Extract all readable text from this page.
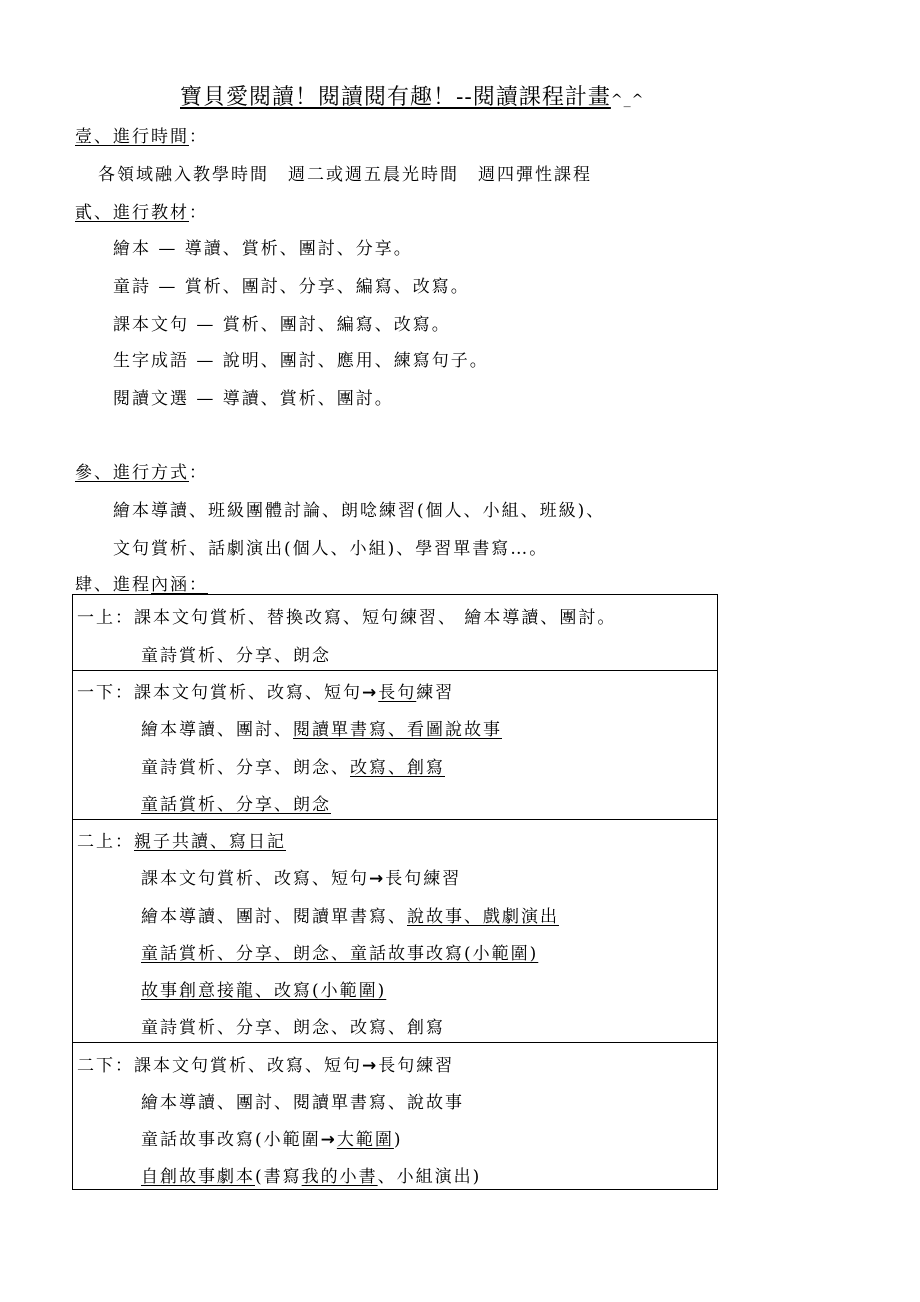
寶貝愛閱讀！閱讀閱有趣！--閱讀課程計畫^_^
壹、進行時間：
各領域融入教學時間　週二或週五晨光時間　週四彈性課程
貳、進行教材：
繪本 — 導讀、賞析、團討、分享。
童詩 — 賞析、團討、分享、編寫、改寫。
課本文句 — 賞析、團討、編寫、改寫。
生字成語 — 說明、團討、應用、練寫句子。
閱讀文選 — 導讀、賞析、團討。
參、進行方式：
繪本導讀、班級團體討論、朗唸練習(個人、小組、班級)、
文句賞析、話劇演出(個人、小組)、學習單書寫…。
肆、進程內涵：
一上：課本文句賞析、替換改寫、短句練習、 繪本導讀、團討。
童詩賞析、分享、朗念
一下：課本文句賞析、改寫、短句→長句練習
繪本導讀、團討、閱讀單書寫、看圖說故事
童詩賞析、分享、朗念、改寫、創寫
童話賞析、分享、朗念
二上：親子共讀、寫日記
課本文句賞析、改寫、短句→長句練習
繪本導讀、團討、閱讀單書寫、說故事、戲劇演出
童話賞析、分享、朗念、童話故事改寫(小範圍)
故事創意接龍、改寫(小範圍)
童詩賞析、分享、朗念、改寫、創寫
二下：課本文句賞析、改寫、短句→長句練習
繪本導讀、團討、閱讀單書寫、說故事
童話故事改寫(小範圍→大範圍)
自創故事劇本(書寫我的小書、小組演出)
